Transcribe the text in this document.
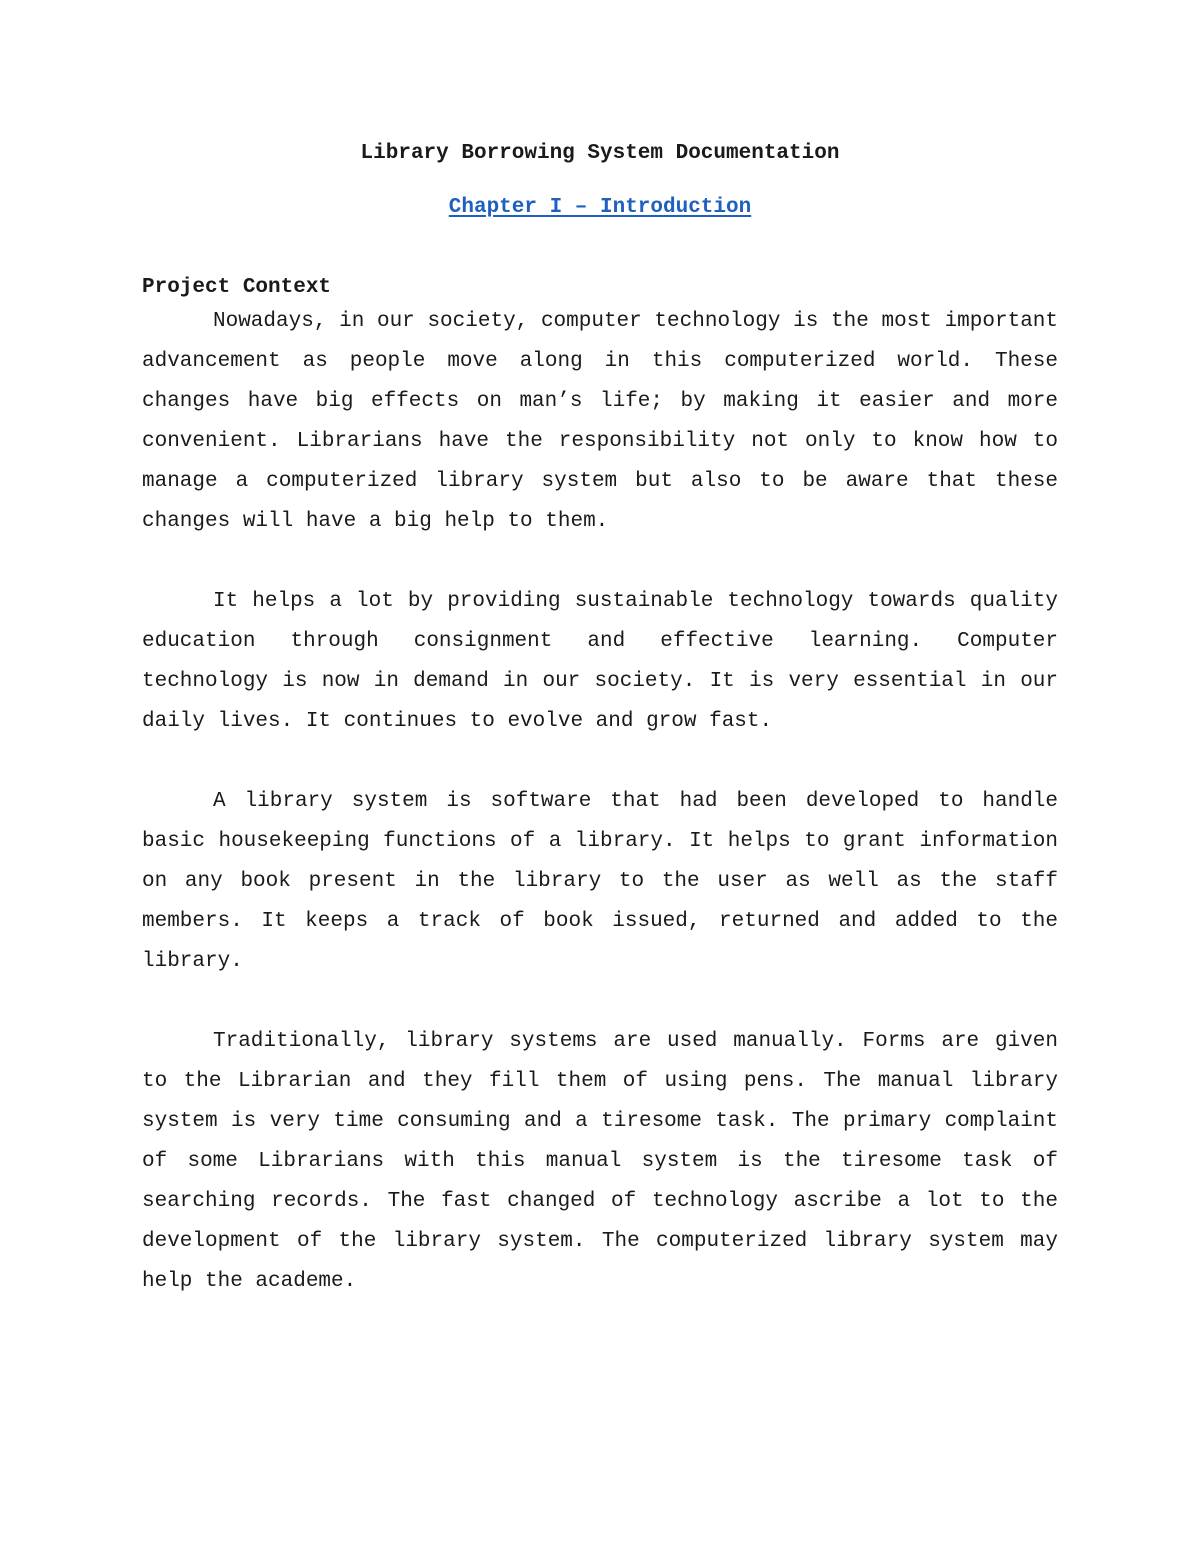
Library Borrowing System Documentation
Chapter I – Introduction
Project Context

Nowadays, in our society, computer technology is the most important advancement as people move along in this computerized world. These changes have big effects on man’s life; by making it easier and more convenient. Librarians have the responsibility not only to know how to manage a computerized library system but also to be aware that these changes will have a big help to them.

It helps a lot by providing sustainable technology towards quality education through consignment and effective learning. Computer technology is now in demand in our society. It is very essential in our daily lives. It continues to evolve and grow fast.

A library system is software that had been developed to handle basic housekeeping functions of a library. It helps to grant information on any book present in the library to the user as well as the staff members. It keeps a track of book issued, returned and added to the library.

Traditionally, library systems are used manually. Forms are given to the Librarian and they fill them of using pens. The manual library system is very time consuming and a tiresome task. The primary complaint of some Librarians with this manual system is the tiresome task of searching records. The fast changed of technology ascribe a lot to the development of the library system. The computerized library system may help the academe.
